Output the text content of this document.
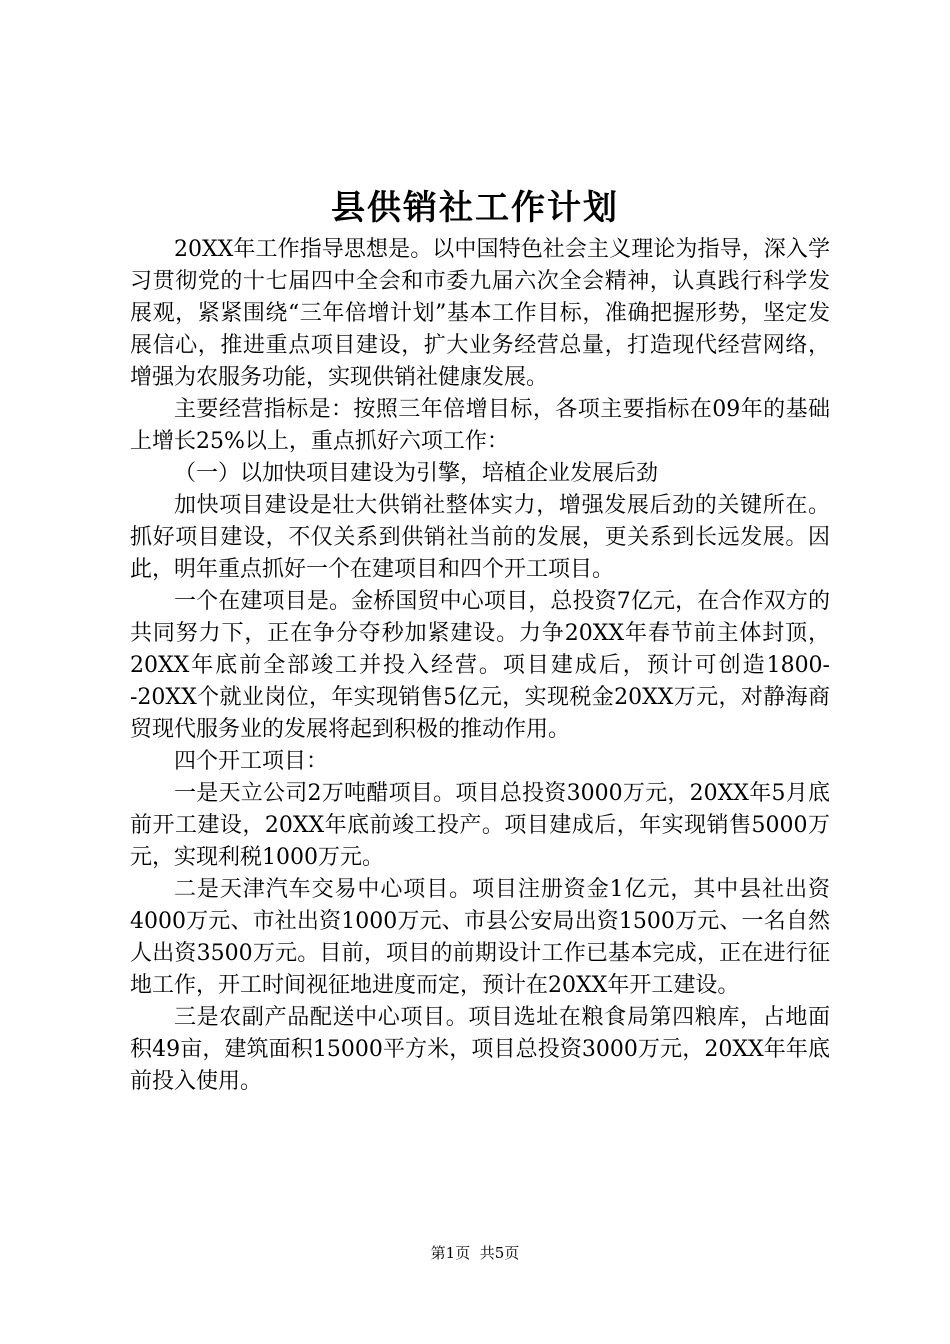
县供销社工作计划

20XX年工作指导思想是。以中国特色社会主义理论为指导，深入学习贯彻党的十七届四中全会和市委九届六次全会精神，认真践行科学发展观，紧紧围绕“三年倍增计划”基本工作目标，准确把握形势，坚定发展信心，推进重点项目建设，扩大业务经营总量，打造现代经营网络，增强为农服务功能，实现供销社健康发展。

主要经营指标是：按照三年倍增目标，各项主要指标在09年的基础上增长25%以上，重点抓好六项工作：

（一）以加快项目建设为引擎，培植企业发展后劲

加快项目建设是壮大供销社整体实力，增强发展后劲的关键所在。抓好项目建设，不仅关系到供销社当前的发展，更关系到长远发展。因此，明年重点抓好一个在建项目和四个开工项目。

一个在建项目是。金桥国贸中心项目，总投资7亿元，在合作双方的共同努力下，正在争分夺秒加紧建设。力争20XX年春节前主体封顶，20XX年底前全部竣工并投入经营。项目建成后，预计可创造1800--20XX个就业岗位，年实现销售5亿元，实现税金20XX万元，对静海商贸现代服务业的发展将起到积极的推动作用。

四个开工项目：

一是天立公司2万吨醋项目。项目总投资3000万元，20XX年5月底前开工建设，20XX年底前竣工投产。项目建成后，年实现销售5000万元，实现利税1000万元。

二是天津汽车交易中心项目。项目注册资金1亿元，其中县社出资4000万元、市社出资1000万元、市县公安局出资1500万元、一名自然人出资3500万元。目前，项目的前期设计工作已基本完成，正在进行征地工作，开工时间视征地进度而定，预计在20XX年开工建设。

三是农副产品配送中心项目。项目选址在粮食局第四粮库，占地面积49亩，建筑面积15000平方米，项目总投资3000万元，20XX年年底前投入使用。

第1页 共5页
